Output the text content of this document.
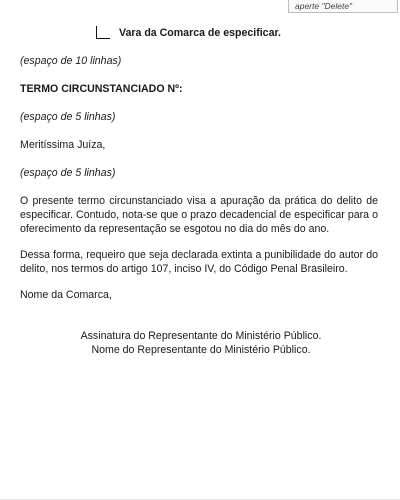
aperte "Delete"
Vara da Comarca de especificar.

(espaço de 10 linhas)

TERMO CIRCUNSTANCIADO Nº:

(espaço de 5 linhas)

Meritíssima Juíza,

(espaço de 5 linhas)

O presente termo circunstanciado visa a apuração da prática do delito de especificar. Contudo, nota-se que o prazo decadencial de especificar para o oferecimento da representação se esgotou no dia do mês do ano.

Dessa forma, requeiro que seja declarada extinta a punibilidade do autor do delito, nos termos do artigo 107, inciso IV, do Código Penal Brasileiro.

Nome da Comarca,

Assinatura do Representante do Ministério Público.

Nome do Representante do Ministério Público.
